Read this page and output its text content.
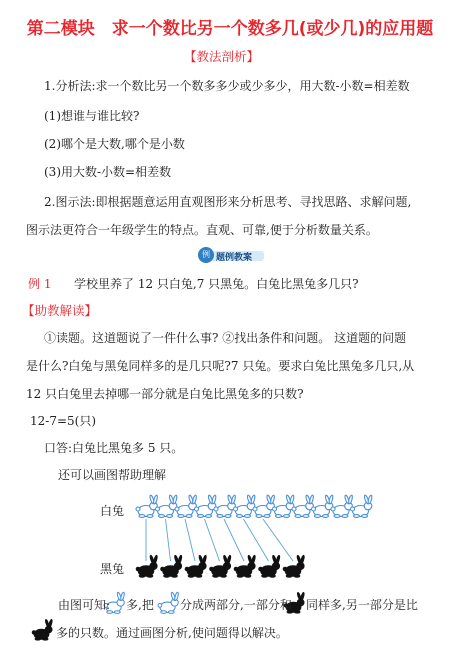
第二模块　求一个数比另一个数多几(或少几)的应用题
【教法剖析】
1.分析法:求一个数比另一个数多多少或少多少，用大数-小数=相差数
(1)想谁与谁比较?
(2)哪个是大数,哪个是小数
(3)用大数-小数=相差数
2.图示法:即根据题意运用直观图形来分析思考、寻找思路、求解问题,
图示法更符合一年级学生的特点。直观、可靠,便于分析数量关系。
例 题例教案
例 1 学校里养了 12 只白兔,7 只黑兔。白兔比黑兔多几只?
【助教解读】
①读题。这道题说了一件什么事? ②找出条件和问题。 这道题的问题
是什么?白兔与黑兔同样多的是几只呢?7 只兔。要求白兔比黑兔多几只,从
12 只白兔里去掉哪一部分就是白兔比黑兔多的只数?
12-7=5(只)
口答:白兔比黑兔多 5 只。
还可以画图帮助理解
白兔
黑兔
由图可知: 多,把 分成两部分,一部分和 同样多,另一部分是比
多的只数。通过画图分析,使问题得以解决。
